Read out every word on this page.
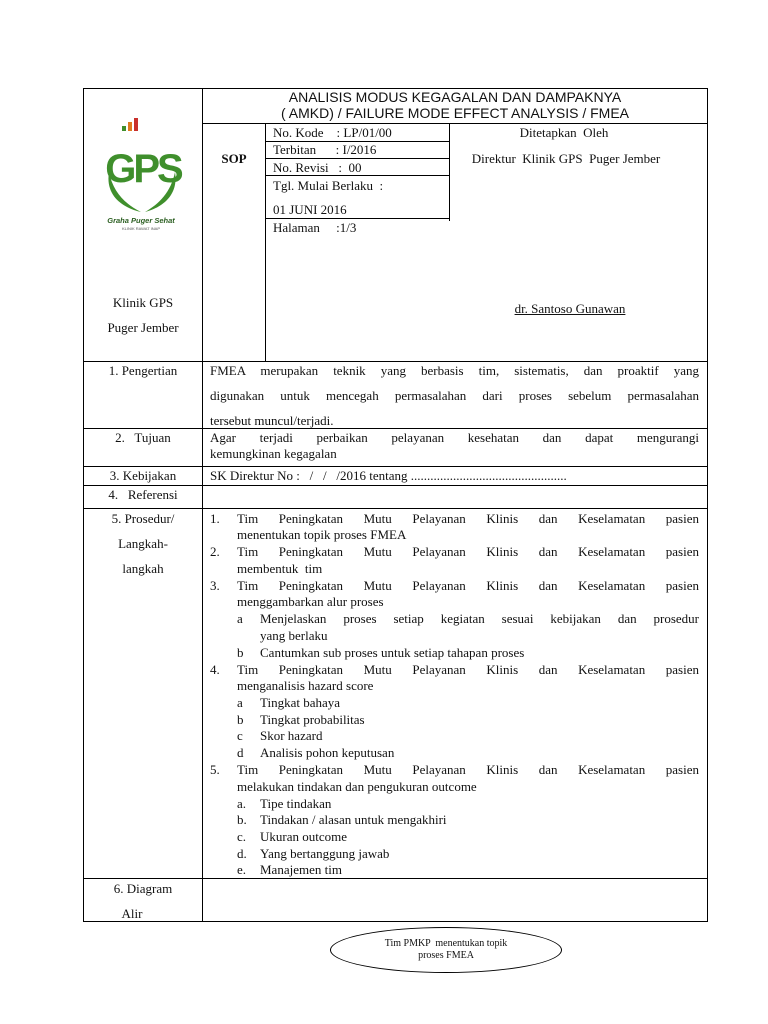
ANALISIS MODUS KEGAGALAN DAN DAMPAKNYA
( AMKD) / FAILURE MODE EFFECT ANALYSIS / FMEA
GPS
Graha Puger Sehat
KLINIK RAWAT INAP
Klinik GPS
Puger Jember
SOP
No. Kode    : LP/01/00
Terbitan      : I/2016
No. Revisi   :  00
Tgl. Mulai Berlaku  :
01 JUNI 2016
Halaman     :1/3
Ditetapkan  Oleh
Direktur  Klinik GPS  Puger Jember
dr. Santoso Gunawan
1. Pengertian	FMEA merupakan teknik yang berbasis tim, sistematis, dan proaktif yang
digunakan untuk mencegah permasalahan dari proses sebelum permasalahan
tersebut muncul/terjadi.
2.   Tujuan	Agar terjadi perbaikan pelayanan kesehatan dan dapat mengurangi
kemungkinan kegagalan
3. Kebijakan	SK Direktur No :   /   /   /2016 tentang ................................................
4.   Referensi
5. Prosedur/
Langkah-
langkah
1. Tim Peningkatan Mutu Pelayanan Klinis dan Keselamatan pasien
menentukan topik proses FMEA
2. Tim Peningkatan Mutu Pelayanan Klinis dan Keselamatan pasien
membentuk  tim
3. Tim Peningkatan Mutu Pelayanan Klinis dan Keselamatan pasien
menggambarkan alur proses
a Menjelaskan proses setiap kegiatan sesuai kebijakan dan prosedur
yang berlaku
b Cantumkan sub proses untuk setiap tahapan proses
4. Tim Peningkatan Mutu Pelayanan Klinis dan Keselamatan pasien
menganalisis hazard score
a Tingkat bahaya
b Tingkat probabilitas
c Skor hazard
d Analisis pohon keputusan
5. Tim Peningkatan Mutu Pelayanan Klinis dan Keselamatan pasien
melakukan tindakan dan pengukuran outcome
a. Tipe tindakan
b. Tindakan / alasan untuk mengakhiri
c. Ukuran outcome
d. Yang bertanggung jawab
e. Manajemen tim
6. Diagram
Alir
Tim PMKP  menentukan topik
proses FMEA
